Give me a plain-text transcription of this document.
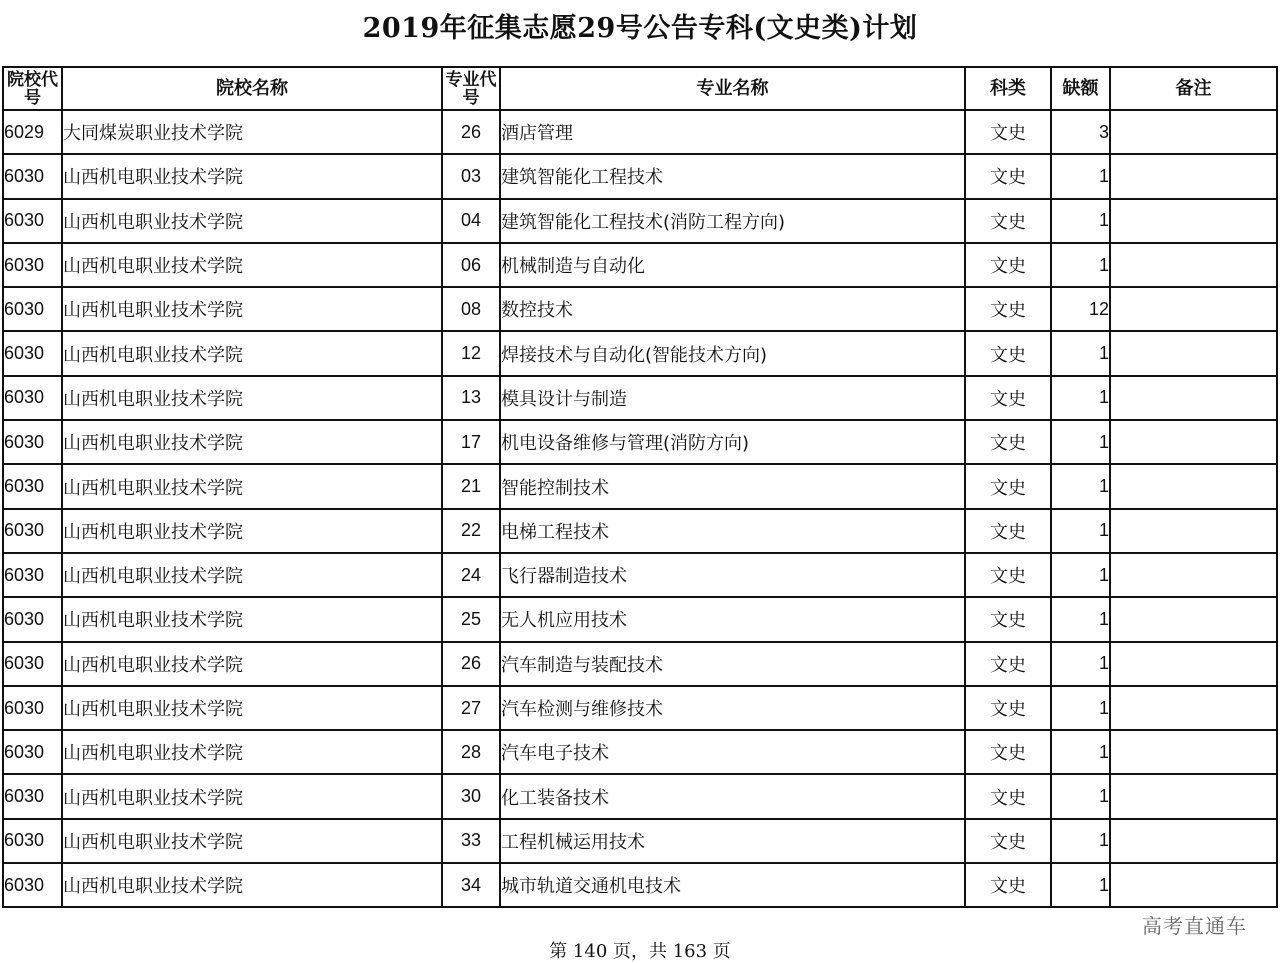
2019年征集志愿29号公告专科(文史类)计划
院校代号	院校名称	专业代号	专业名称	科类	缺额	备注
6029	大同煤炭职业技术学院	26	酒店管理	文史	3	
6030	山西机电职业技术学院	03	建筑智能化工程技术	文史	1	
6030	山西机电职业技术学院	04	建筑智能化工程技术(消防工程方向)	文史	1	
6030	山西机电职业技术学院	06	机械制造与自动化	文史	1	
6030	山西机电职业技术学院	08	数控技术	文史	12	
6030	山西机电职业技术学院	12	焊接技术与自动化(智能技术方向)	文史	1	
6030	山西机电职业技术学院	13	模具设计与制造	文史	1	
6030	山西机电职业技术学院	17	机电设备维修与管理(消防方向)	文史	1	
6030	山西机电职业技术学院	21	智能控制技术	文史	1	
6030	山西机电职业技术学院	22	电梯工程技术	文史	1	
6030	山西机电职业技术学院	24	飞行器制造技术	文史	1	
6030	山西机电职业技术学院	25	无人机应用技术	文史	1	
6030	山西机电职业技术学院	26	汽车制造与装配技术	文史	1	
6030	山西机电职业技术学院	27	汽车检测与维修技术	文史	1	
6030	山西机电职业技术学院	28	汽车电子技术	文史	1	
6030	山西机电职业技术学院	30	化工装备技术	文史	1	
6030	山西机电职业技术学院	33	工程机械运用技术	文史	1	
6030	山西机电职业技术学院	34	城市轨道交通机电技术	文史	1	
高考直通车
第 140 页，共 163 页
